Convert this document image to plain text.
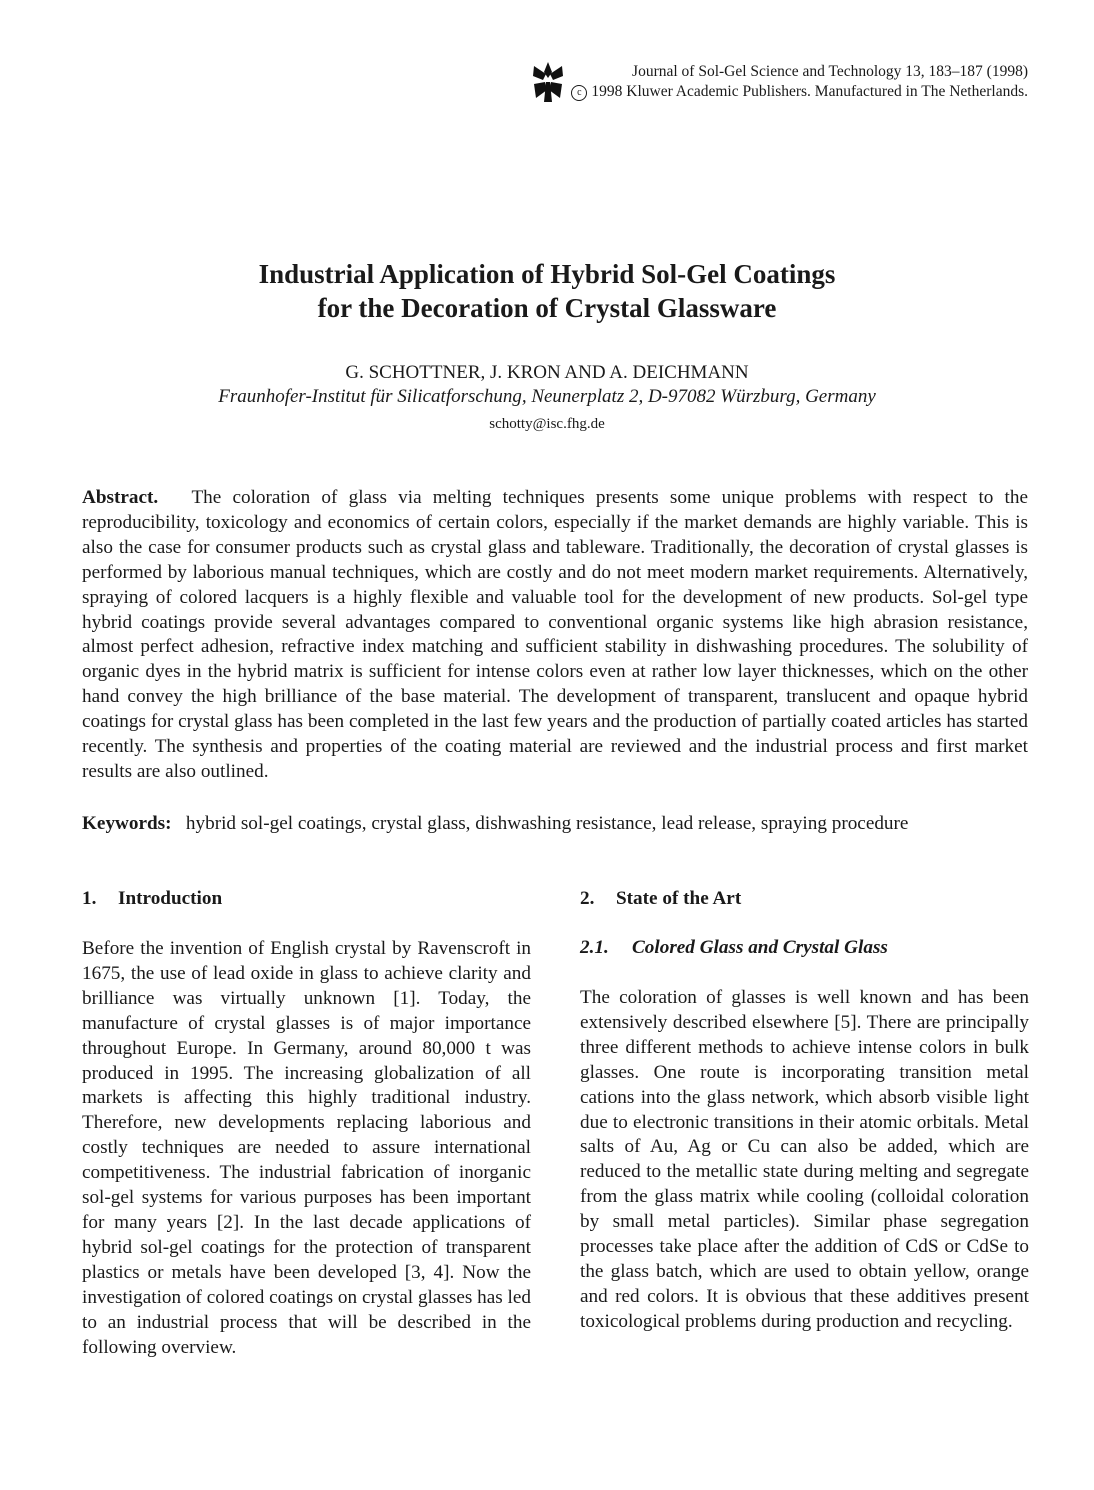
Journal of Sol-Gel Science and Technology 13, 183–187 (1998)
c 1998 Kluwer Academic Publishers. Manufactured in The Netherlands.
Industrial Application of Hybrid Sol-Gel Coatings
for the Decoration of Crystal Glassware
G. SCHOTTNER, J. KRON AND A. DEICHMANN
Fraunhofer-Institut für Silicatforschung, Neunerplatz 2, D-97082 Würzburg, Germany
schotty@isc.fhg.de

Abstract. The coloration of glass via melting techniques presents some unique problems with respect to the reproducibility, toxicology and economics of certain colors, especially if the market demands are highly variable. This is also the case for consumer products such as crystal glass and tableware. Traditionally, the decoration of crystal glasses is performed by laborious manual techniques, which are costly and do not meet modern market requirements. Alternatively, spraying of colored lacquers is a highly flexible and valuable tool for the development of new products. Sol-gel type hybrid coatings provide several advantages compared to conventional organic systems like high abrasion resistance, almost perfect adhesion, refractive index matching and sufficient stability in dishwashing procedures. The solubility of organic dyes in the hybrid matrix is sufficient for intense colors even at rather low layer thicknesses, which on the other hand convey the high brilliance of the base material. The development of transparent, translucent and opaque hybrid coatings for crystal glass has been completed in the last few years and the production of partially coated articles has started recently. The synthesis and properties of the coating material are reviewed and the industrial process and first market results are also outlined.

Keywords: hybrid sol-gel coatings, crystal glass, dishwashing resistance, lead release, spraying procedure

1. Introduction

Before the invention of English crystal by Ravenscroft in 1675, the use of lead oxide in glass to achieve clarity and brilliance was virtually unknown [1]. Today, the manufacture of crystal glasses is of major importance throughout Europe. In Germany, around 80,000 t was produced in 1995. The increasing globalization of all markets is affecting this highly traditional industry. Therefore, new developments replacing laborious and costly techniques are needed to assure international competitiveness. The industrial fabrication of inorganic sol-gel systems for various purposes has been important for many years [2]. In the last decade applications of hybrid sol-gel coatings for the protection of transparent plastics or metals have been developed [3, 4]. Now the investigation of colored coatings on crystal glasses has led to an industrial process that will be described in the following overview.

2. State of the Art
2.1. Colored Glass and Crystal Glass

The coloration of glasses is well known and has been extensively described elsewhere [5]. There are principally three different methods to achieve intense colors in bulk glasses. One route is incorporating transition metal cations into the glass network, which absorb visible light due to electronic transitions in their atomic orbitals. Metal salts of Au, Ag or Cu can also be added, which are reduced to the metallic state during melting and segregate from the glass matrix while cooling (colloidal coloration by small metal particles). Similar phase segregation processes take place after the addition of CdS or CdSe to the glass batch, which are used to obtain yellow, orange and red colors. It is obvious that these additives present toxicological problems during production and recycling.
